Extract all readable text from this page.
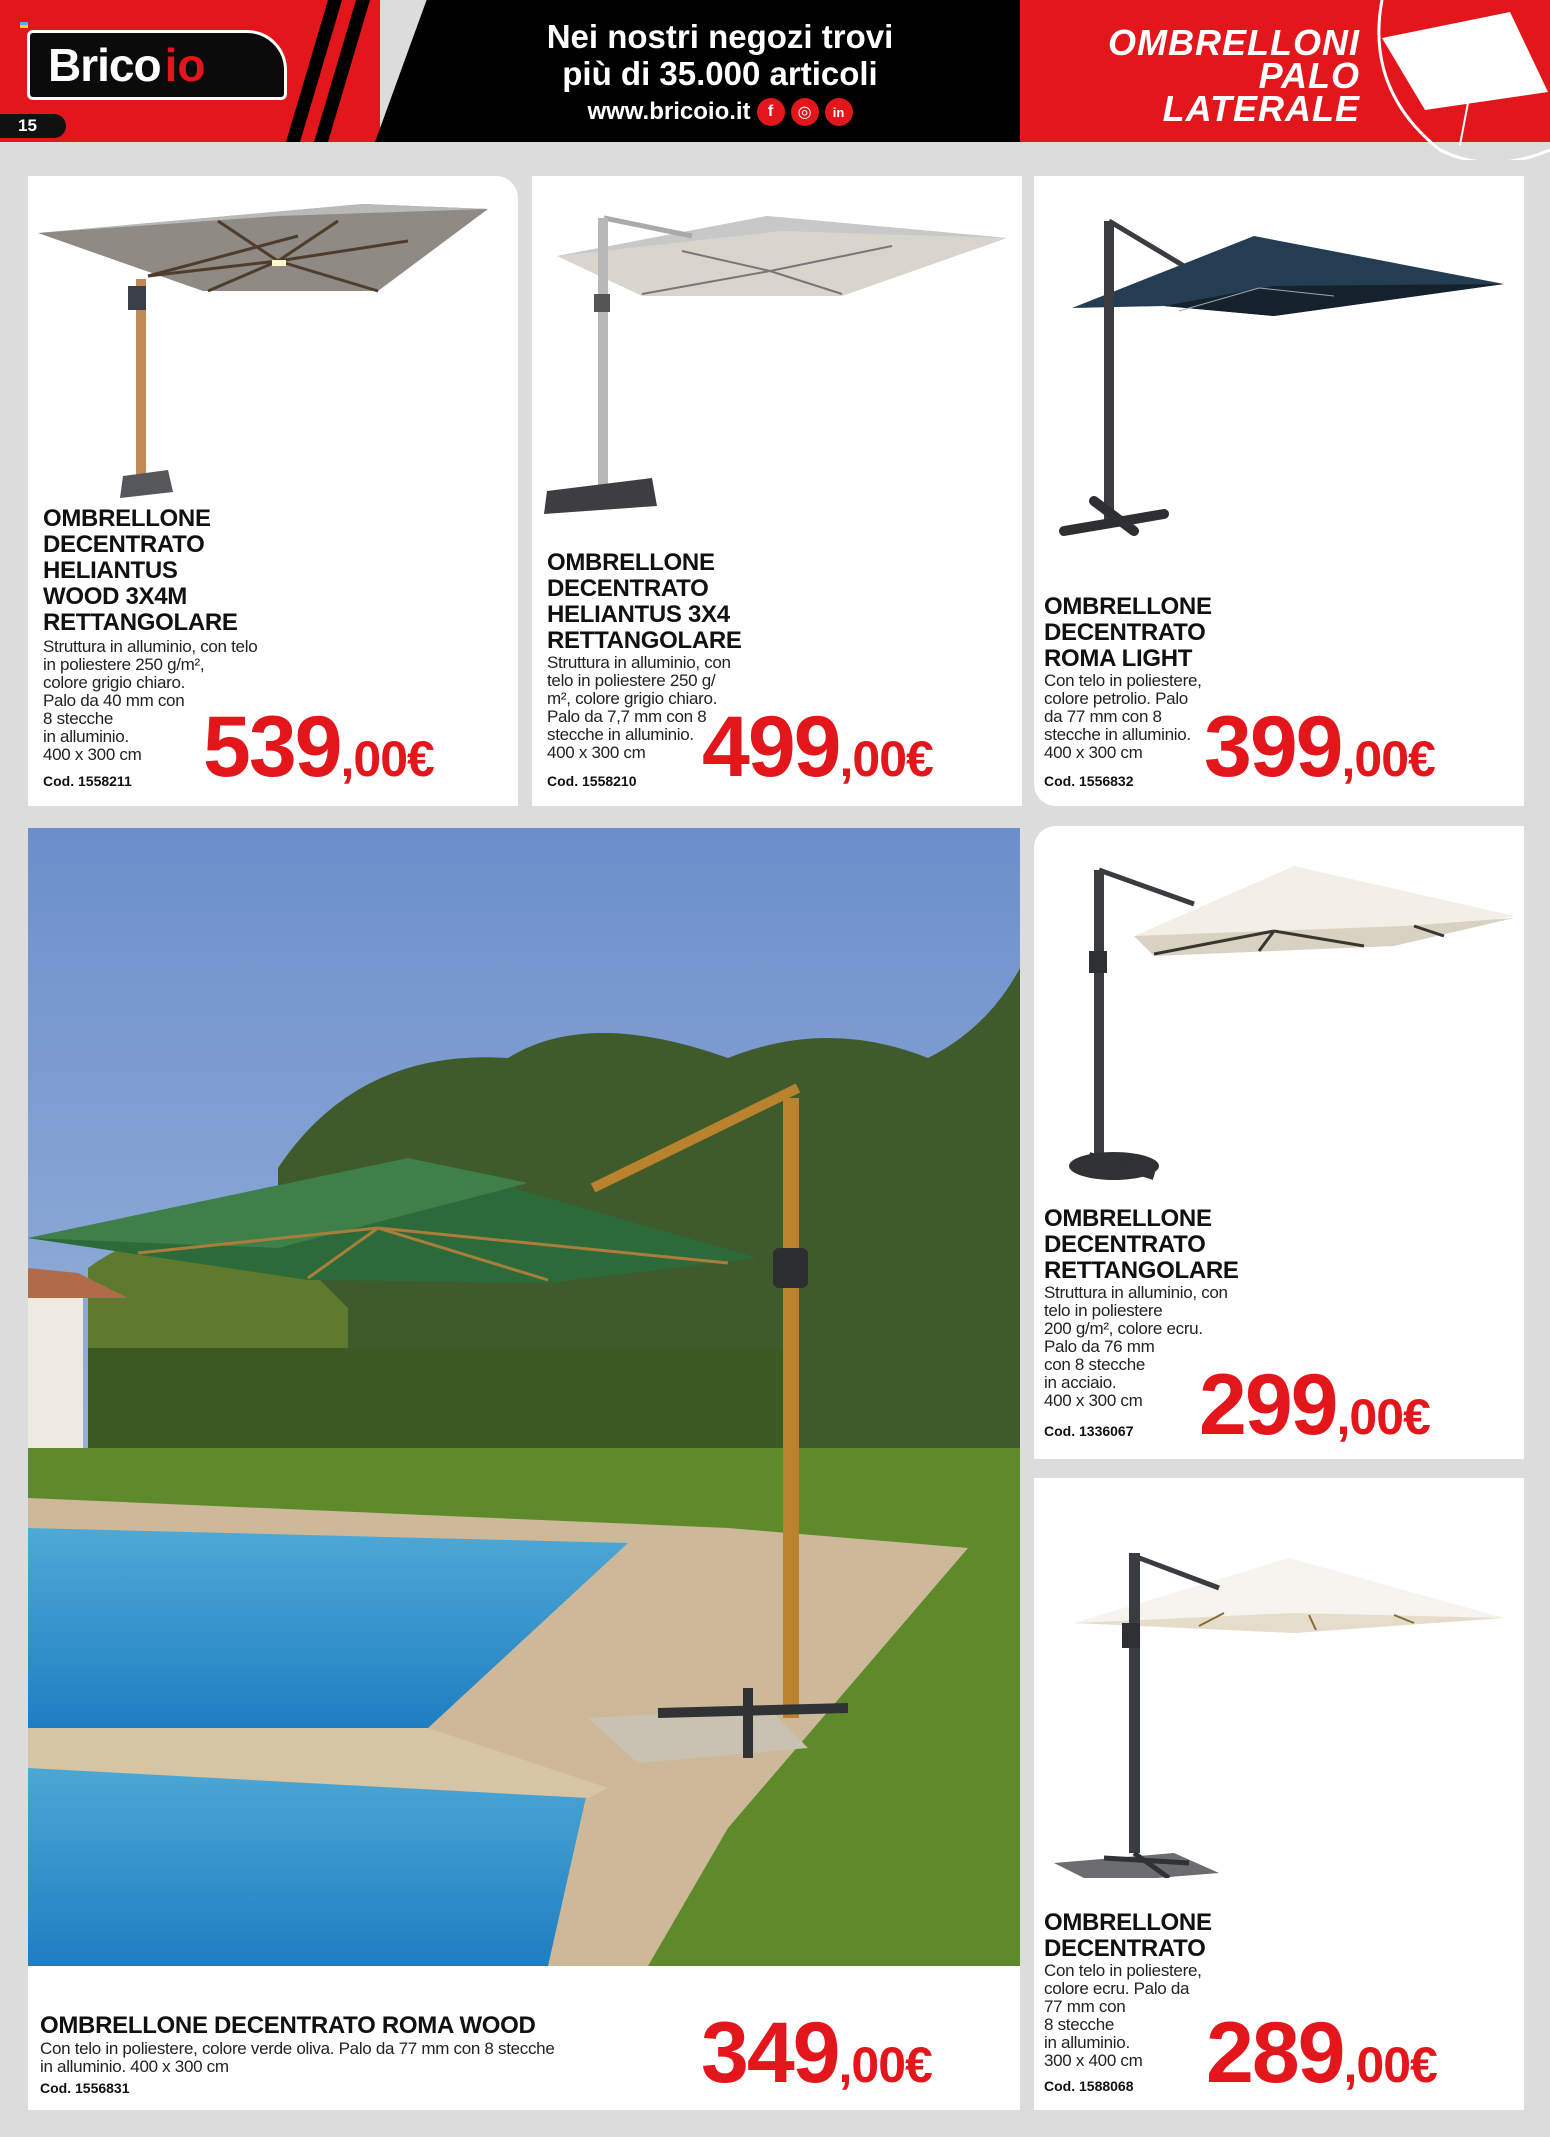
Brico io
15
Nei nostri negozi trovi
più di 35.000 articoli
www.bricoio.it	f	◎	in
OMBRELLONI
PALO
LATERALE
OMBRELLONE
DECENTRATO
HELIANTUS
WOOD 3X4M
RETTANGOLARE
Struttura in alluminio, con telo
in poliestere 250 g/m²,
colore grigio chiaro.
Palo da 40 mm con
8 stecche
in alluminio.
400 x 300 cm
Cod. 1558211 539,00€
OMBRELLONE
DECENTRATO
HELIANTUS 3X4
RETTANGOLARE
Struttura in alluminio, con
telo in poliestere 250 g/
m², colore grigio chiaro.
Palo da 7,7 mm con 8
stecche in alluminio.
400 x 300 cm
Cod. 1558210 499,00€
OMBRELLONE
DECENTRATO
ROMA LIGHT
Con telo in poliestere,
colore petrolio. Palo
da 77 mm con 8
stecche in alluminio.
400 x 300 cm
Cod. 1556832 399,00€
OMBRELLONE DECENTRATO ROMA WOOD
Con telo in poliestere, colore verde oliva. Palo da 77 mm con 8 stecche
in alluminio. 400 x 300 cm
Cod. 1556831	349,00€
OMBRELLONE
DECENTRATO
RETTANGOLARE
Struttura in alluminio, con
telo in poliestere
200 g/m², colore ecru.
Palo da 76 mm
con 8 stecche
in acciaio.
400 x 300 cm
Cod. 1336067 299,00€
OMBRELLONE
DECENTRATO
Con telo in poliestere,
colore ecru. Palo da
77 mm con
8 stecche
in alluminio.
300 x 400 cm
Cod. 1588068 289,00€
